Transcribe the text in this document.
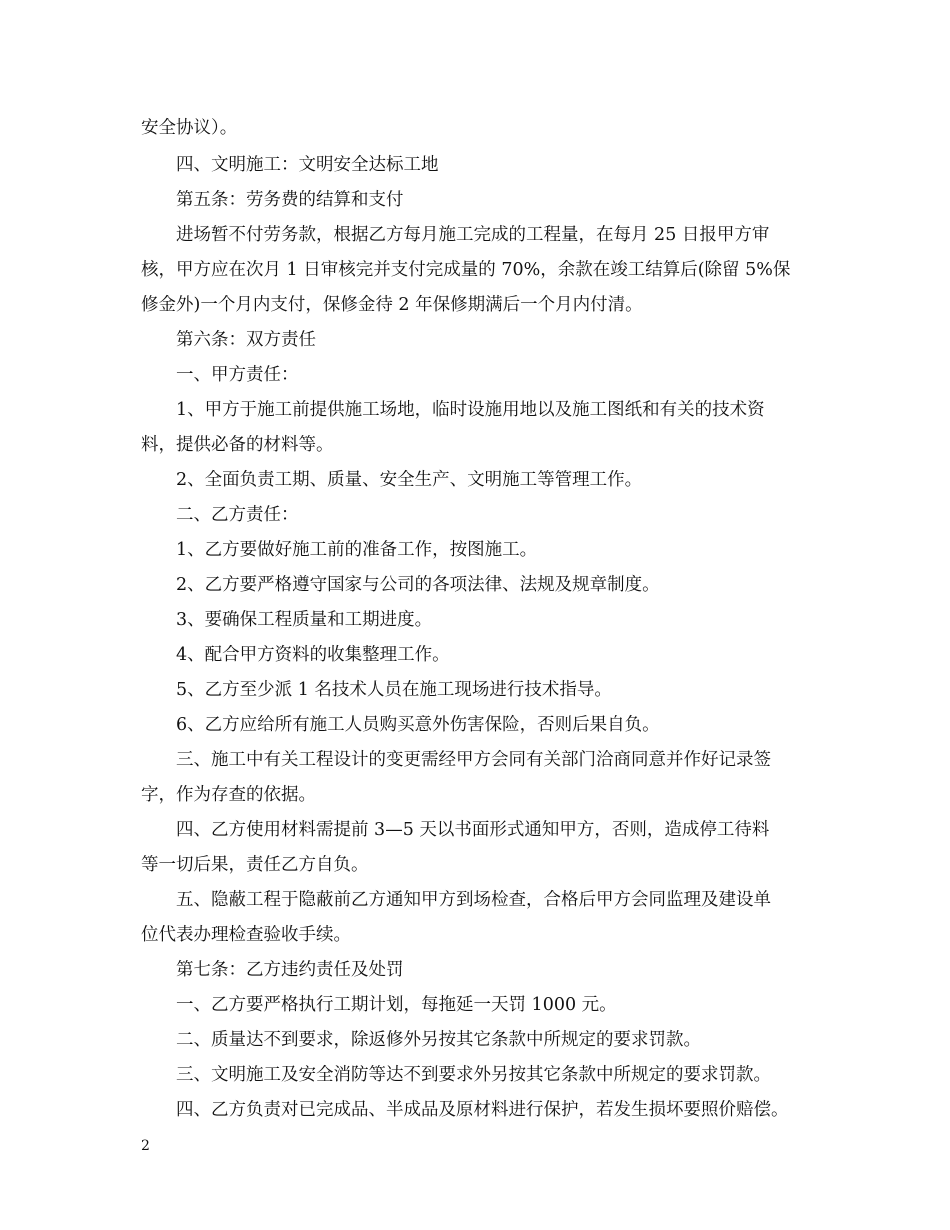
安全协议）。
四、文明施工：文明安全达标工地
第五条：劳务费的结算和支付
进场暂不付劳务款，根据乙方每月施工完成的工程量，在每月 25 日报甲方审
核，甲方应在次月 1 日审核完并支付完成量的 70%，余款在竣工结算后(除留 5%保
修金外)一个月内支付，保修金待 2 年保修期满后一个月内付清。
第六条：双方责任
一、甲方责任：
1、甲方于施工前提供施工场地，临时设施用地以及施工图纸和有关的技术资
料，提供必备的材料等。
2、全面负责工期、质量、安全生产、文明施工等管理工作。
二、乙方责任：
1、乙方要做好施工前的准备工作，按图施工。
2、乙方要严格遵守国家与公司的各项法律、法规及规章制度。
3、要确保工程质量和工期进度。
4、配合甲方资料的收集整理工作。
5、乙方至少派 1 名技术人员在施工现场进行技术指导。
6、乙方应给所有施工人员购买意外伤害保险，否则后果自负。
三、施工中有关工程设计的变更需经甲方会同有关部门洽商同意并作好记录签
字，作为存查的依据。
四、乙方使用材料需提前 3—5 天以书面形式通知甲方，否则，造成停工待料
等一切后果，责任乙方自负。
五、隐蔽工程于隐蔽前乙方通知甲方到场检查，合格后甲方会同监理及建设单
位代表办理检查验收手续。
第七条：乙方违约责任及处罚
一、乙方要严格执行工期计划，每拖延一天罚 1000 元。
二、质量达不到要求，除返修外另按其它条款中所规定的要求罚款。
三、文明施工及安全消防等达不到要求外另按其它条款中所规定的要求罚款。
四、乙方负责对已完成品、半成品及原材料进行保护，若发生损坏要照价赔偿。
2
